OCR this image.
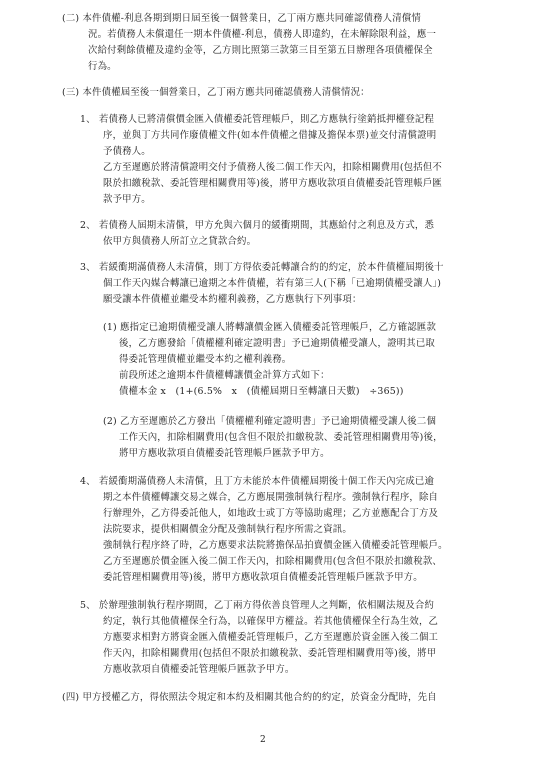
(二) 本件債權-利息各期到期日屆至後一個營業日，乙丁兩方應共同確認債務人清償情
況。若債務人未償還任一期本件債權-利息，債務人即違約，在未解除限利益，應一
次給付剩餘債權及違約金等，乙方則比照第三款第三目至第五目辦理各項債權保全
行為。
(三) 本件債權屆至後一個營業日，乙丁兩方應共同確認債務人清償情況：
1、 若債務人已將清償價金匯入債權委託管理帳戶，則乙方應執行塗銷抵押權登記程
序，並與丁方共同作廢債權文件(如本件債權之借據及擔保本票)並交付清償證明
予債務人。
乙方至遲應於將清償證明交付予債務人後二個工作天內，扣除相關費用(包括但不
限於扣繳稅款、委託管理相關費用等)後，將甲方應收款項自債權委託管理帳戶匯
款予甲方。
2、 若債務人屆期未清償，甲方允與六個月的緩衝期間，其應給付之利息及方式，悉
依甲方與債務人所訂立之貸款合約。
3、 若緩衝期滿債務人未清償，則丁方得依委託轉讓合約的約定，於本件債權屆期後十
個工作天內媒合轉讓已逾期之本件債權，若有第三人(下稱「已逾期債權受讓人」)
願受讓本件債權並繼受本約權利義務，乙方應執行下列事項：
(1) 應指定已逾期債權受讓人將轉讓價金匯入債權委託管理帳戶，乙方確認匯款
後，乙方應發給「債權權利確定證明書」予已逾期債權受讓人，證明其已取
得委託管理債權並繼受本約之權利義務。
前段所述之逾期本件債權轉讓價金計算方式如下：
債權本金 x　(1+(6.5%　x　(債權屆期日至轉讓日天數)　÷365))
(2) 乙方至遲應於乙方發出「債權權利確定證明書」予已逾期債權受讓人後二個
工作天內，扣除相關費用(包含但不限於扣繳稅款、委託管理相關費用等)後，
將甲方應收款項自債權委託管理帳戶匯款予甲方。
4、 若緩衝期滿債務人未清償，且丁方未能於本件債權屆期後十個工作天內完成已逾
期之本件債權轉讓交易之媒合，乙方應展開強制執行程序。強制執行程序，除自
行辦理外，乙方得委託他人，如地政士或丁方等協助處理；乙方並應配合丁方及
法院要求，提供相關價金分配及強制執行程序所需之資訊。
強制執行程序終了時，乙方應要求法院將擔保品拍賣價金匯入債權委託管理帳戶。
乙方至遲應於價金匯入後二個工作天內，扣除相關費用(包含但不限於扣繳稅款、
委託管理相關費用等)後，將甲方應收款項自債權委託管理帳戶匯款予甲方。
5、 於辦理強制執行程序期間，乙丁兩方得依善良管理人之判斷，依相關法規及合約
約定，執行其他債權保全行為，以確保甲方權益。若其他債權保全行為生效，乙
方應要求相對方將資金匯入債權委託管理帳戶，乙方至遲應於資金匯入後二個工
作天內，扣除相關費用(包括但不限於扣繳稅款、委託管理相關費用等)後，將甲
方應收款項自債權委託管理帳戶匯款予甲方。
(四) 甲方授權乙方，得依照法令規定和本約及相關其他合約的約定，於資金分配時，先自
2
